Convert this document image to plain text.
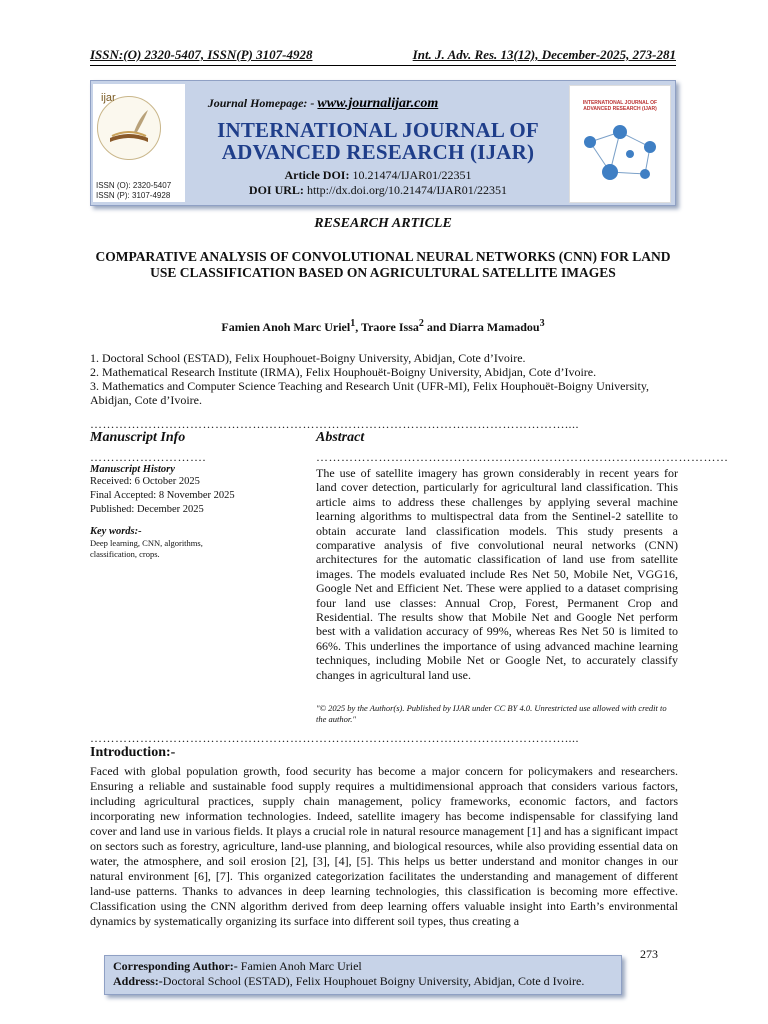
ISSN:(O) 2320-5407, ISSN(P) 3107-4928	Int. J. Adv. Res. 13(12), December-2025, 273-281
ijar
ISSN (O): 2320-5407
ISSN (P): 3107-4928
Journal Homepage: - www.journalijar.com
INTERNATIONAL JOURNAL OF
ADVANCED RESEARCH (IJAR)
Article DOI: 10.21474/IJAR01/22351
DOI URL: http://dx.doi.org/10.21474/IJAR01/22351
INTERNATIONAL JOURNAL OF ADVANCED RESEARCH (IJAR)
RESEARCH ARTICLE
COMPARATIVE ANALYSIS OF CONVOLUTIONAL NEURAL NETWORKS (CNN) FOR LAND USE CLASSIFICATION BASED ON AGRICULTURAL SATELLITE IMAGES
Famien Anoh Marc Uriel$^1$, Traore Issa$^2$ and Diarra Mamadou$^3$
1. Doctoral School (ESTAD), Felix Houphouet-Boigny University, Abidjan, Cote d’Ivoire.
2. Mathematical Research Institute (IRMA), Felix Houphouët-Boigny University, Abidjan, Cote d’Ivoire.
3. Mathematics and Computer Science Teaching and Research Unit (UFR-MI), Felix Houphouët-Boigny University, Abidjan, Cote d’Ivoire.
……………………………………………………………………………………………………....
Manuscript Info	Abstract
……………………….	………………………………………………………………………………………
Manuscript History
Received: 6 October 2025
Final Accepted: 8 November 2025
Published: December 2025
Key words:-
Deep learning, CNN, algorithms, classification, crops.
The use of satellite imagery has grown considerably in recent years for land cover detection, particularly for agricultural land classification. This article aims to address these challenges by applying several machine learning algorithms to multispectral data from the Sentinel-2 satellite to obtain accurate land classification models. This study presents a comparative analysis of five convolutional neural networks (CNN) architectures for the automatic classification of land use from satellite images. The models evaluated include Res Net 50, Mobile Net, VGG16, Google Net and Efficient Net. These were applied to a dataset comprising four land use classes: Annual Crop, Forest, Permanent Crop and Residential. The results show that Mobile Net and Google Net perform best with a validation accuracy of 99%, whereas Res Net 50 is limited to 66%. This underlines the importance of using advanced machine learning techniques, including Mobile Net or Google Net, to accurately classify changes in agricultural land use.
"© 2025 by the Author(s). Published by IJAR under CC BY 4.0. Unrestricted use allowed with credit to the author."
……………………………………………………………………………………………………....
Introduction:-
Faced with global population growth, food security has become a major concern for policymakers and researchers. Ensuring a reliable and sustainable food supply requires a multidimensional approach that considers various factors, including agricultural practices, supply chain management, policy frameworks, economic factors, and factors incorporating new information technologies. Indeed, satellite imagery has become indispensable for classifying land cover and land use in various fields. It plays a crucial role in natural resource management [1] and has a significant impact on sectors such as forestry, agriculture, land-use planning, and biological resources, while also providing essential data on water, the atmosphere, and soil erosion [2], [3], [4], [5]. This helps us better understand and monitor changes in our natural environment [6], [7]. This organized categorization facilitates the understanding and management of different land-use patterns. Thanks to advances in deep learning technologies, this classification is becoming more effective. Classification using the CNN algorithm derived from deep learning offers valuable insight into Earth’s environmental dynamics by systematically organizing its surface into different soil types, thus creating a
273
Corresponding Author:- Famien Anoh Marc Uriel
Address:-Doctoral School (ESTAD), Felix Houphouet Boigny University, Abidjan, Cote d Ivoire.
